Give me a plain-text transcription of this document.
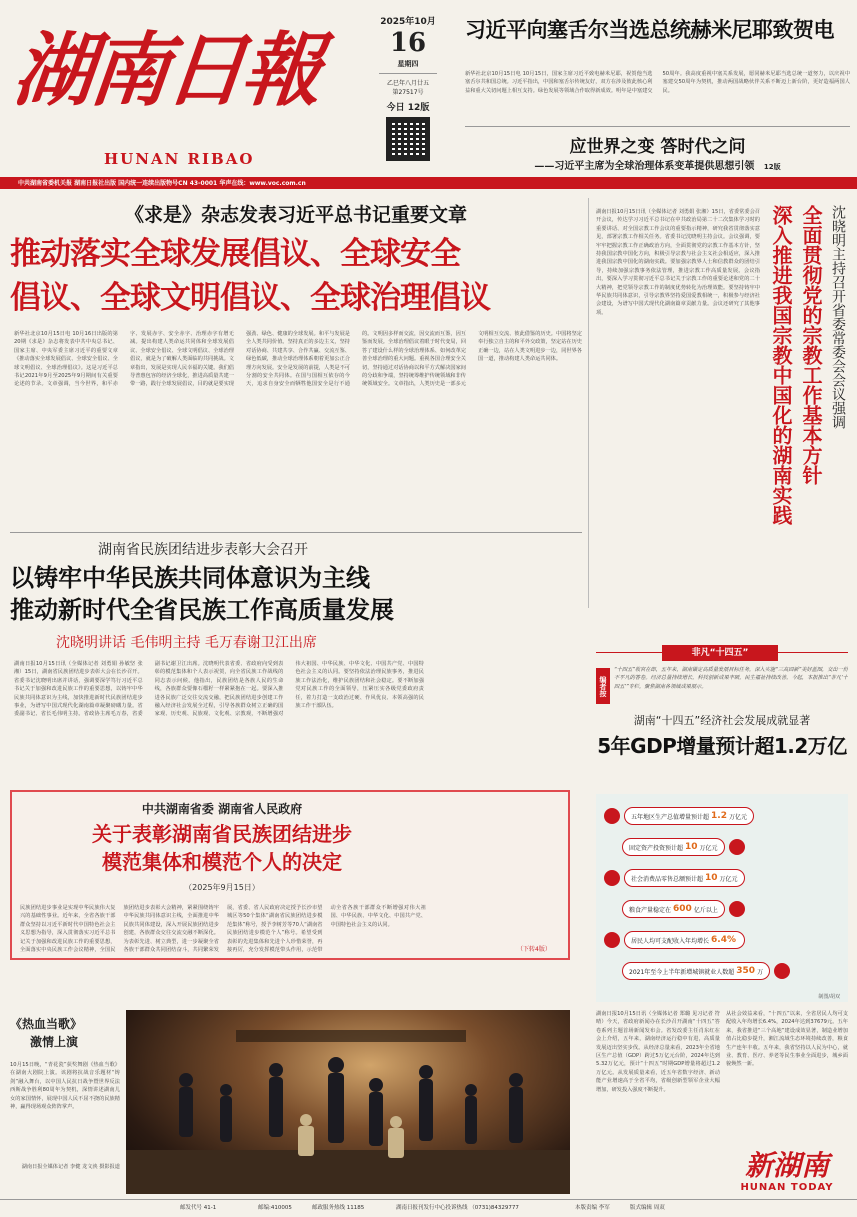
湖南日報
HUNAN RIBAO
2025年10月
16
星期四
乙巳年八月廿五
第27517号
今日 12版
习近平向塞舌尔当选总统赫米尼耶致贺电
新华社北京10月15日电 10月15日，国家主席习近平致电赫米尼耶，祝贺他当选塞舌尔共和国总统。习近平指出，中国和塞舌尔传统友好，双方在涉及彼此核心利益和重大关切问题上相互支持。绿色发展等领域合作取得新成效。明年是中塞建交50周年。我高度重视中塞关系发展，愿同赫米尼耶当选总统一道努力，以庆祝中塞建交50周年为契机，推动两国战略伙伴关系不断迈上新台阶，更好造福两国人民。
应世界之变 答时代之问
——习近平主席为全球治理体系变革提供思想引领 12版
中共湖南省委机关报 湖南日报社出版 国内统一连续出版物号CN 43-0001 华声在线：www.voc.com.cn
《求是》杂志发表习近平总书记重要文章
推动落实全球发展倡议、全球安全
倡议、全球文明倡议、全球治理倡议
新华社北京10月15日电 10月16日出版的第20期《求是》杂志将发表中共中央总书记、国家主席、中央军委主席习近平的重要文章《推动落实全球发展倡议、全球安全倡议、全球文明倡议、全球治理倡议》。这是习近平总书记2021年9月至2025年9月期间有关重要论述的节录。文章强调，当今世界，和平赤字、发展赤字、安全赤字、治理赤字有增无减。提出构建人类命运共同体和全球发展倡议、全球安全倡议、全球文明倡议、全球治理倡议，就是为了破解人类面临的共同挑战。文章指出，发展是实现人民幸福的关键。我们倡导普惠包容的经济全球化，推进高质量共建一带一路，践行全球发展倡议，目的就是要实现强劲、绿色、健康的全球发展。和平与发展是全人类共同价值。坚持真正的多边主义，坚持对话协商、共建共享、合作共赢、交流互鉴、绿色低碳，推动全球治理体系朝着更加公正合理方向发展。安全是发展的前提，人类是不可分割的安全共同体。在国与国相互依存的今天，追求自身安全而牺牲他国安全是行不通的。文明因多样而交流，因交流而互鉴，因互鉴而发展。全球治理倡议着眼于时代变局，回答了建设什么样的全球治理体系、如何改革完善全球治理的重大问题。重视各国合理安全关切，坚持通过对话协商以和平方式解决国家间的分歧和争端，坚持统筹维护传统领域和非传统领域安全。文章指出，人类历史是一部多元文明相互交流、彼此借鉴的历史。中国将坚定奉行独立自主的和平外交政策，坚定站在历史正确一边，站在人类文明进步一边，同世界各国一道，推动构建人类命运共同体。
湖南省民族团结进步表彰大会召开
以铸牢中华民族共同体意识为主线
推动新时代全省民族工作高质量发展
沈晓明讲话 毛伟明主持 毛万春谢卫江出席
湖南日报10月15日讯（全媒体记者 刘勇娟 孙敏坚 张湘）15日，湖南省民族团结进步表彰大会在长沙召开。省委书记沈晓明出席并讲话，强调要深学笃行习近平总书记关于加强和改进民族工作的重要思想，以铸牢中华民族共同体意识为主线，加快推进新时代民族团结进步事业，为谱写中国式现代化湖南篇章凝聚磅礴力量。省委副书记、省长毛伟明主持。省政协主席毛万春，省委副书记谢卫江出席。沈晓明代表省委、省政府向受到表彰的模范集体和个人表示祝贺，向全省民族工作战线的同志表示问候。他指出，民族团结是各族人民的生命线，各族群众要像石榴籽一样紧紧抱在一起。要深入推进各民族广泛交往交流交融，把民族团结进步创建工作融入经济社会发展全过程，引导各族群众树立正确的国家观、历史观、民族观、文化观、宗教观，不断增强对伟大祖国、中华民族、中华文化、中国共产党、中国特色社会主义的认同。要坚持依法治理民族事务，推进民族工作法治化，维护民族团结和社会稳定。要不断加强党对民族工作的全面领导，压紧压实各级党委政府责任，着力打造一支政治过硬、作风优良、本领高强的民族工作干部队伍。
中共湖南省委 湖南省人民政府
关于表彰湖南省民族团结进步
模范集体和模范个人的决定
（2025年9月15日）
民族团结进步事业是实现中华民族伟大复兴的基础性事业。近年来，全省各族干部群众坚持以习近平新时代中国特色社会主义思想为指导，深入贯彻落实习近平总书记关于加强和改进民族工作的重要思想，全面落实中央民族工作会议精神，全国民族团结进步表彰大会精神，紧紧围绕铸牢中华民族共同体意识主线，全面推进中华民族共同体建设，深入开展民族团结进步创建，各族群众交往交流交融不断深化。为表彰先进、树立典型，进一步凝聚全省各族干部群众共同团结奋斗，共同繁荣发展，省委、省人民政府决定授予长沙市望城区等50个集体“湖南省民族团结进步模范集体”称号，授予李树芳等70人“湖南省民族团结进步模范个人”称号。希望受到表彰的先进集体和先进个人珍惜荣誉，再接再厉，充分发挥模范带头作用，示范带动全省各族干部群众不断增强对伟大祖国、中华民族、中华文化、中国共产党、中国特色社会主义的认同。
（下转4版）
《热血当歌》
激情上演
10月15日晚，“青花瓷”获奖舞剧《热血当歌》在湖南大剧院上演。该剧将抗战音乐题材“铸剑”融入舞台，以中国人民抗日战争暨世界反法西斯战争胜利80周年为契机，深情讲述湖南儿女的家国情怀，展现中国人民不屈不挠的民族精神，赢得现场观众阵阵掌声。
湖南日报全媒体记者 李健 龙文泱 摄影报道
湖南日报10月15日讯（全媒体记者 刘勇娟 张湘）15日，省委常委会召开会议，传达学习习近平总书记在中共政治局第二十二次集体学习时的重要讲话、对全国宗教工作会议的重要指示精神，研究我省贯彻落实意见，部署宗教工作相关任务。省委书记沈晓明主持会议。会议强调，要牢牢把握宗教工作正确政治方向，全面贯彻党的宗教工作基本方针，坚持我国宗教中国化方向，积极引导宗教与社会主义社会相适应，深入推进我国宗教中国化的湖南实践。要加强宗教界人士和信教群众的团结引导，持续加强宗教事务依法管理，推进宗教工作高质量发展。会议指出，要深入学习贯彻习近平总书记关于宗教工作的重要论述和党的二十大精神，把党领导宗教工作的制度优势转化为治理效能。要坚持铸牢中华民族共同体意识，引导宗教界坚持爱国爱教相统一，积极参与经济社会建设，为谱写中国式现代化湖南篇章贡献力量。会议还研究了其他事项。	全面贯彻党的宗教工作基本方针
深入推进我国宗教中国化的湖南实践	沈晓明主持召开省委常委会会议强调
非凡“十四五”
编者按
“十四五”收官在即，五年来，湖南锚定高质量发展目标任务，深入实施“三高四新”美好蓝图，交出一份不平凡的答卷。经济总量持续增长，科技创新成果丰硕，民生福祉持续改善。今起，本报推出“非凡‘十四五’”专栏，聚焦湖南各领域成果展示。
湖南“十四五”经济社会发展成就显著
5年GDP增量预计超1.2万亿
五年地区生产总值增量预计超 1.2 万亿元
固定资产投资预计超 10 万亿元
社会消费品零售总额预计超 10 万亿元
粮食产量稳定在 600 亿斤以上
居民人均可支配收入年均增长 6.4%
2021年至今上半年新增城镇就业人数超 350 万
制图/胡双
湖南日报10月15日讯（全媒体记者 郑璐 见习记者 符晴）今天，省政府新闻办在长沙召开湖南“十四五”答卷系列主题首场新闻发布会。省发改委主任肖东红在会上介绍，五年来，湖南经济运行稳中有进，高质量发展迈出坚实步伐。从经济总量来看，2023年全省地区生产总值（GDP）跨过5万亿元台阶，2024年达到5.32万亿元，预计“十四五”时期GDP增量将超过1.2万亿元。从发展质量来看，近五年省数字经济、新动能产业增速高于全省平均，省级创新型领军企业大幅增加，研发投入强度不断提升。
从社会效益来看，“十四五”以来，全省居民人均可支配收入年均增长6.4%，2024年达到37679元。五年来，我省推进“三个高地”建设成效显著，制造业增加值占比稳步提升，湘江流域生态环境持续改善，粮食生产连年丰收。五年来，我省坚持以人民为中心，就业、教育、医疗、养老等民生事业全面进步，城乡面貌焕然一新。
新湖南
HUNAN TODAY
邮发代号 41-1	邮编:410005	邮政服务热线 11185	湖南日报刊发行中心投诉热线 （0731)84329777	本版责编 李军	版式编辑 周双
